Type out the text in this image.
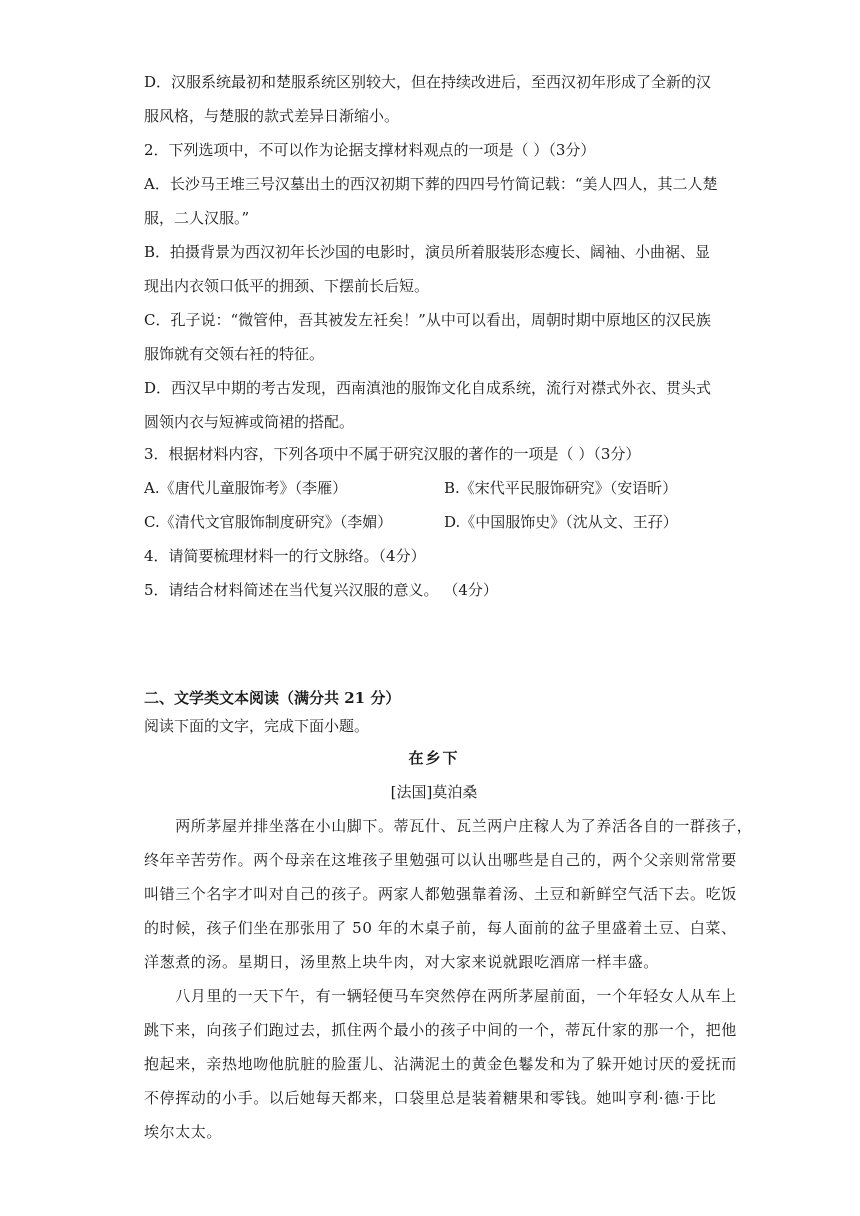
D．汉服系统最初和楚服系统区别较大，但在持续改进后，至西汉初年形成了全新的汉
服风格，与楚服的款式差异日渐缩小。
2．下列选项中，不可以作为论据支撑材料观点的一项是（ ）（3分）
A．长沙马王堆三号汉墓出土的西汉初期下葬的四四号竹简记载：“美人四人，其二人楚
服，二人汉服。”
B．拍摄背景为西汉初年长沙国的电影时，演员所着服装形态瘦长、阔袖、小曲裾、显
现出内衣领口低平的拥颈、下摆前长后短。
C．孔子说：“微管仲，吾其被发左衽矣！”从中可以看出，周朝时期中原地区的汉民族
服饰就有交领右衽的特征。
D．西汉早中期的考古发现，西南滇池的服饰文化自成系统，流行对襟式外衣、贯头式
圆领内衣与短裤或筒裙的搭配。
3．根据材料内容，下列各项中不属于研究汉服的著作的一项是（ ）（3分）
A.《唐代儿童服饰考》（李雁）	B.《宋代平民服饰研究》（安语昕）
C.《清代文官服饰制度研究》（李媚）	D.《中国服饰史》（沈从文、王孖）
4．请简要梳理材料一的行文脉络。（4分）
5．请结合材料简述在当代复兴汉服的意义。 （4分）
二、文学类文本阅读（满分共 21 分）
阅读下面的文字，完成下面小题。
在乡下
[法国]莫泊桑
　　两所茅屋并排坐落在小山脚下。蒂瓦什、瓦兰两户庄稼人为了养活各自的一群孩子，
终年辛苦劳作。两个母亲在这堆孩子里勉强可以认出哪些是自己的，两个父亲则常常要
叫错三个名字才叫对自己的孩子。两家人都勉强靠着汤、土豆和新鲜空气活下去。吃饭
的时候，孩子们坐在那张用了 50 年的木桌子前，每人面前的盆子里盛着土豆、白菜、
洋葱煮的汤。星期日，汤里熬上块牛肉，对大家来说就跟吃酒席一样丰盛。
　　八月里的一天下午，有一辆轻便马车突然停在两所茅屋前面，一个年轻女人从车上
跳下来，向孩子们跑过去，抓住两个最小的孩子中间的一个，蒂瓦什家的那一个，把他
抱起来，亲热地吻他肮脏的脸蛋儿、沾满泥土的黄金色鬈发和为了躲开她讨厌的爱抚而
不停挥动的小手。以后她每天都来，口袋里总是装着糖果和零钱。她叫亨利·德·于比
埃尔太太。
